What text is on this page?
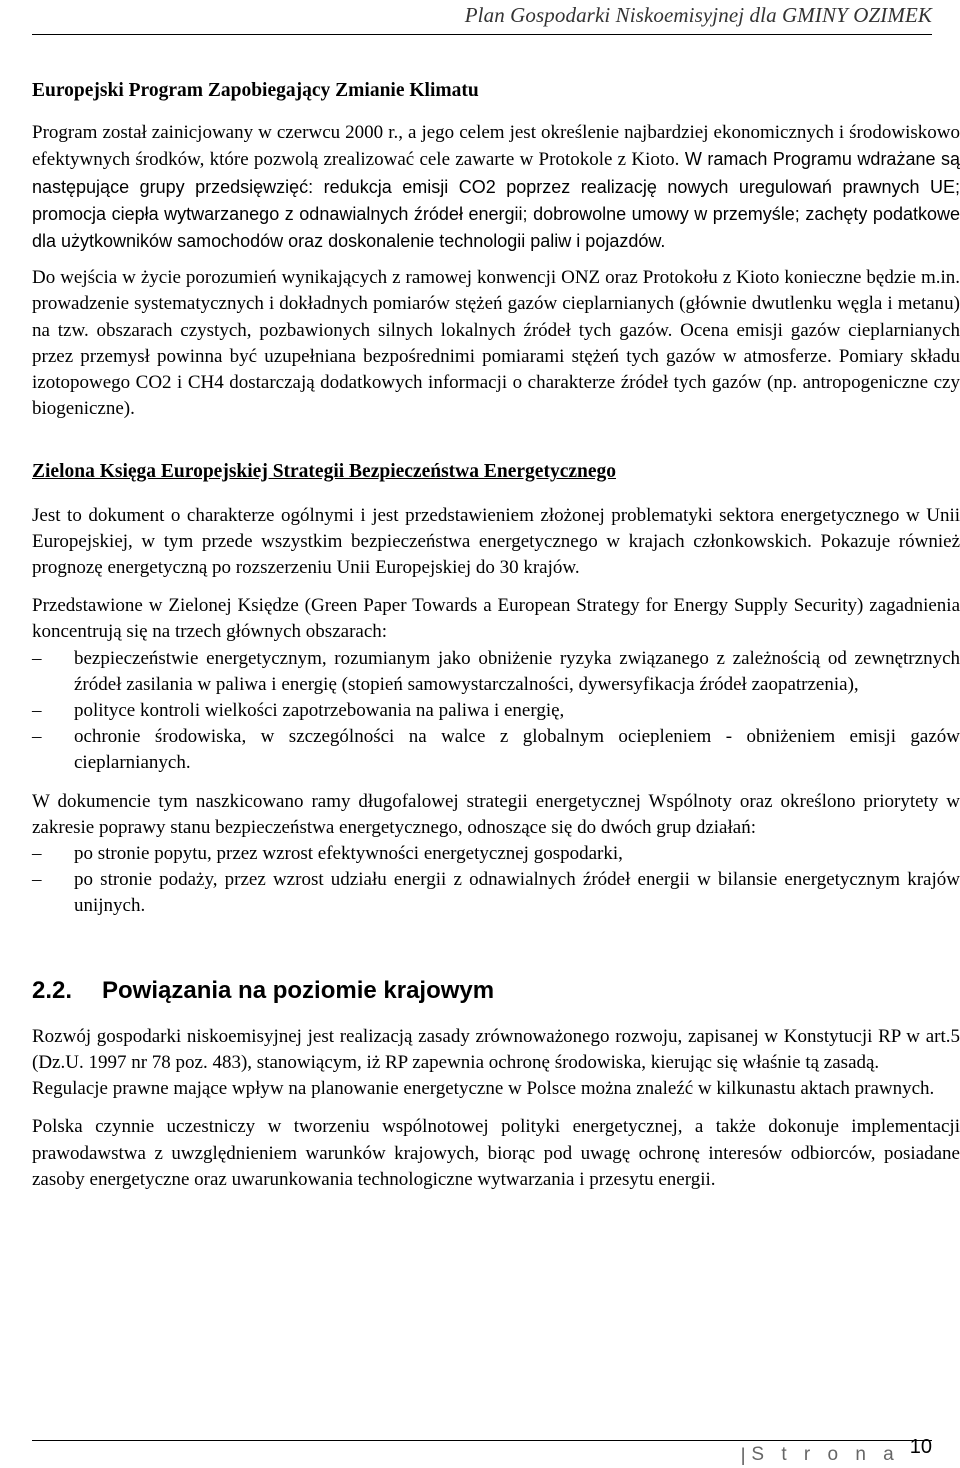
Plan Gospodarki Niskoemisyjnej dla GMINY OZIMEK
Europejski Program Zapobiegający Zmianie Klimatu

Program został zainicjowany w czerwcu 2000 r., a jego celem jest określenie najbardziej ekonomicznych i środowiskowo efektywnych środków, które pozwolą zrealizować cele zawarte w Protokole z Kioto. W ramach Programu wdrażane są następujące grupy przedsięwzięć: redukcja emisji CO2 poprzez realizację nowych uregulowań prawnych UE; promocja ciepła wytwarzanego z odnawialnych źródeł energii; dobrowolne umowy w przemyśle; zachęty podatkowe dla użytkowników samochodów oraz doskonalenie technologii paliw i pojazdów.

Do wejścia w życie porozumień wynikających z ramowej konwencji ONZ oraz Protokołu z Kioto konieczne będzie m.in. prowadzenie systematycznych i dokładnych pomiarów stężeń gazów cieplarnianych (głównie dwutlenku węgla i metanu) na tzw. obszarach czystych, pozbawionych silnych lokalnych źródeł tych gazów. Ocena emisji gazów cieplarnianych przez przemysł powinna być uzupełniana bezpośrednimi pomiarami stężeń tych gazów w atmosferze. Pomiary składu izotopowego CO2 i CH4 dostarczają dodatkowych informacji o charakterze źródeł tych gazów (np. antropogeniczne czy biogeniczne).

Zielona Księga Europejskiej Strategii Bezpieczeństwa Energetycznego

Jest to dokument o charakterze ogólnymi i jest przedstawieniem złożonej problematyki sektora energetycznego w Unii Europejskiej, w tym przede wszystkim bezpieczeństwa energetycznego w krajach członkowskich. Pokazuje również prognozę energetyczną po rozszerzeniu Unii Europejskiej do 30 krajów.

Przedstawione w Zielonej Księdze (Green Paper Towards a European Strategy for Energy Supply Security) zagadnienia koncentrują się na trzech głównych obszarach:

– bezpieczeństwie energetycznym, rozumianym jako obniżenie ryzyka związanego z zależnością od zewnętrznych źródeł zasilania w paliwa i energię (stopień samowystarczalności, dywersyfikacja źródeł zaopatrzenia),
– polityce kontroli wielkości zapotrzebowania na paliwa i energię,
– ochronie środowiska, w szczególności na walce z globalnym ociepleniem - obniżeniem emisji gazów cieplarnianych.

W dokumencie tym naszkicowano ramy długofalowej strategii energetycznej Wspólnoty oraz określono priorytety w zakresie poprawy stanu bezpieczeństwa energetycznego, odnoszące się do dwóch grup działań:

– po stronie popytu, przez wzrost efektywności energetycznej gospodarki,
– po stronie podaży, przez wzrost udziału energii z odnawialnych źródeł energii w bilansie energetycznym krajów unijnych.
2.2.	Powiązania na poziomie krajowym

Rozwój gospodarki niskoemisyjnej jest realizacją zasady zrównoważonego rozwoju, zapisanej w Konstytucji RP w art.5 (Dz.U. 1997 nr 78 poz. 483), stanowiącym, iż RP zapewnia ochronę środowiska, kierując się właśnie tą zasadą.

Regulacje prawne mające wpływ na planowanie energetyczne w Polsce można znaleźć w kilkunastu aktach prawnych.

Polska czynnie uczestniczy w tworzeniu wspólnotowej polityki energetycznej, a także dokonuje implementacji prawodawstwa z uwzględnieniem warunków krajowych, biorąc pod uwagę ochronę interesów odbiorców, posiadane zasoby energetyczne oraz uwarunkowania technologiczne wytwarzania i przesytu energii.

| S t r o n a 10
